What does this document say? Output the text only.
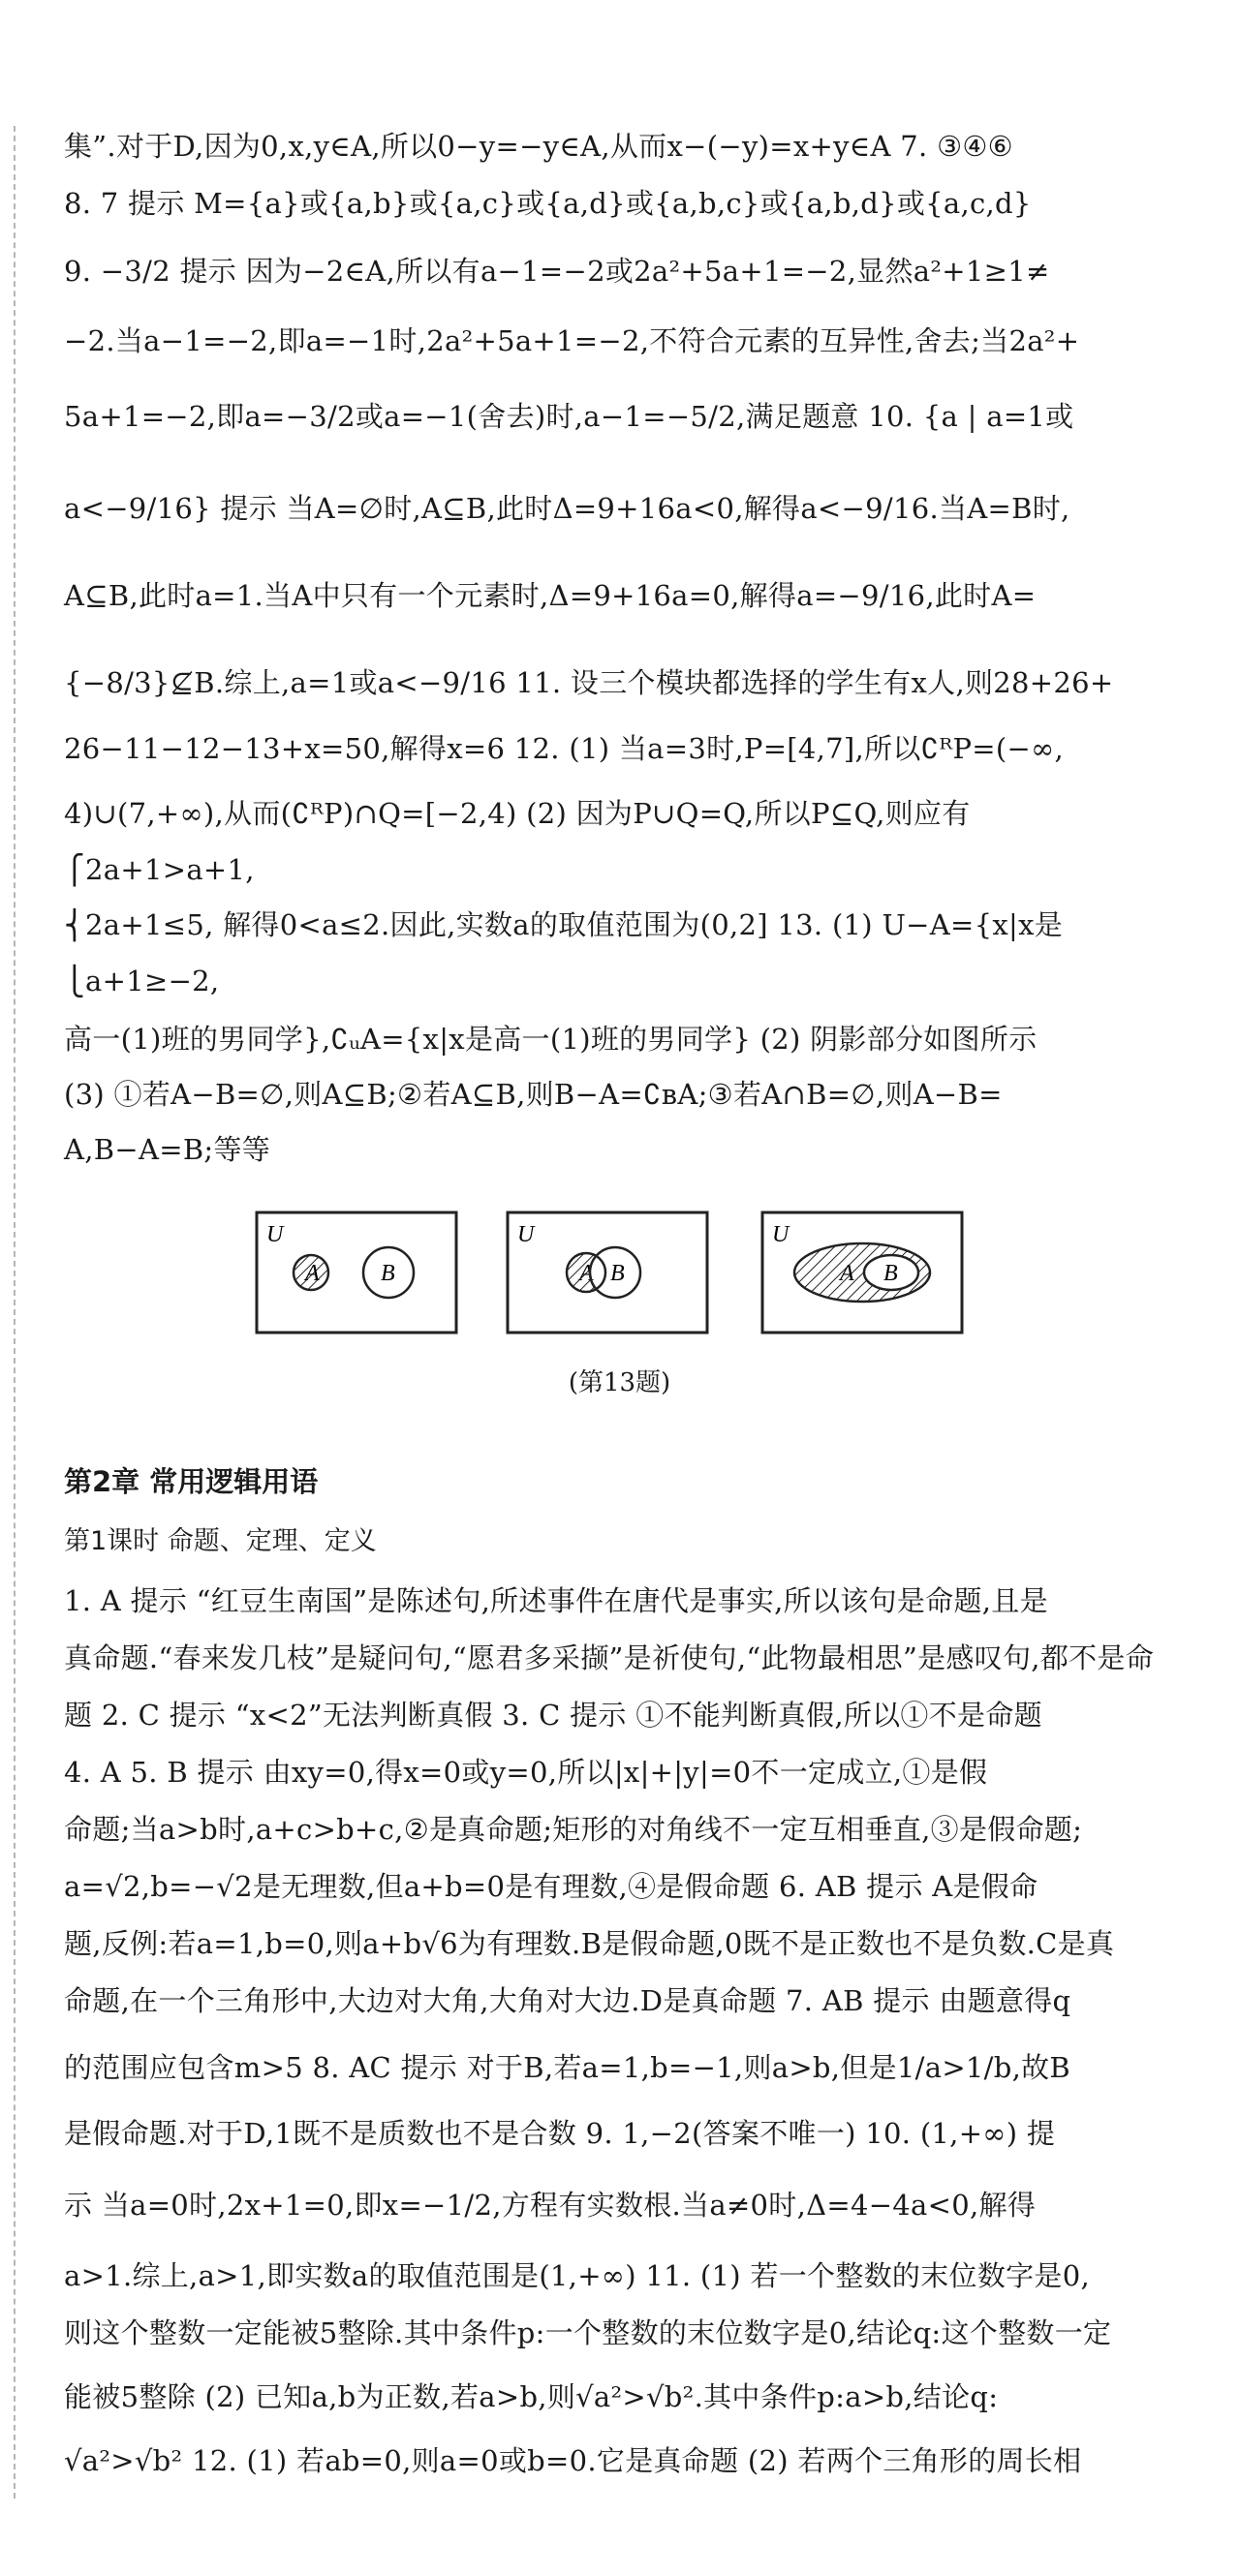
集”.对于D,因为0,x,y∈A,所以0−y=−y∈A,从而x−(−y)=x+y∈A 7. ③④⑥
8. 7 提示 M={a}或{a,b}或{a,c}或{a,d}或{a,b,c}或{a,b,d}或{a,c,d}
9. −3/2 提示 因为−2∈A,所以有a−1=−2或2a²+5a+1=−2,显然a²+1≥1≠
−2.当a−1=−2,即a=−1时,2a²+5a+1=−2,不符合元素的互异性,舍去;当2a²+
5a+1=−2,即a=−3/2或a=−1(舍去)时,a−1=−5/2,满足题意 10. {a | a=1或
a<−9/16} 提示 当A=∅时,A⊆B,此时Δ=9+16a<0,解得a<−9/16.当A=B时,
A⊆B,此时a=1.当A中只有一个元素时,Δ=9+16a=0,解得a=−9/16,此时A=
{−8/3}⊈B.综上,a=1或a<−9/16 11. 设三个模块都选择的学生有x人,则28+26+
26−11−12−13+x=50,解得x=6 12. (1) 当a=3时,P=[4,7],所以∁ᴿP=(−∞,
4)∪(7,+∞),从而(∁ᴿP)∩Q=[−2,4) (2) 因为P∪Q=Q,所以P⊆Q,则应有
⎧2a+1>a+1,
⎨2a+1≤5, 解得0<a≤2.因此,实数a的取值范围为(0,2] 13. (1) U−A={x|x是
⎩a+1≥−2,
高一(1)班的男同学},∁ᵤA={x|x是高一(1)班的男同学} (2) 阴影部分如图所示
(3) ①若A−B=∅,则A⊆B;②若A⊆B,则B−A=∁ʙA;③若A∩B=∅,则A−B=
A,B−A=B;等等
U
A	B
U
A B
U
A B
(第13题)
第2章 常用逻辑用语
第1课时 命题、定理、定义
1. A 提示 “红豆生南国”是陈述句,所述事件在唐代是事实,所以该句是命题,且是
真命题.“春来发几枝”是疑问句,“愿君多采撷”是祈使句,“此物最相思”是感叹句,都不是命
题 2. C 提示 “x<2”无法判断真假 3. C 提示 ①不能判断真假,所以①不是命题
4. A 5. B 提示 由xy=0,得x=0或y=0,所以|x|+|y|=0不一定成立,①是假
命题;当a>b时,a+c>b+c,②是真命题;矩形的对角线不一定互相垂直,③是假命题;
a=√2,b=−√2是无理数,但a+b=0是有理数,④是假命题 6. AB 提示 A是假命
题,反例:若a=1,b=0,则a+b√6为有理数.B是假命题,0既不是正数也不是负数.C是真
命题,在一个三角形中,大边对大角,大角对大边.D是真命题 7. AB 提示 由题意得q
的范围应包含m>5 8. AC 提示 对于B,若a=1,b=−1,则a>b,但是1/a>1/b,故B
是假命题.对于D,1既不是质数也不是合数 9. 1,−2(答案不唯一) 10. (1,+∞) 提
示 当a=0时,2x+1=0,即x=−1/2,方程有实数根.当a≠0时,Δ=4−4a<0,解得
a>1.综上,a>1,即实数a的取值范围是(1,+∞) 11. (1) 若一个整数的末位数字是0,
则这个整数一定能被5整除.其中条件p:一个整数的末位数字是0,结论q:这个整数一定
能被5整除 (2) 已知a,b为正数,若a>b,则√a²>√b².其中条件p:a>b,结论q:
√a²>√b² 12. (1) 若ab=0,则a=0或b=0.它是真命题 (2) 若两个三角形的周长相
